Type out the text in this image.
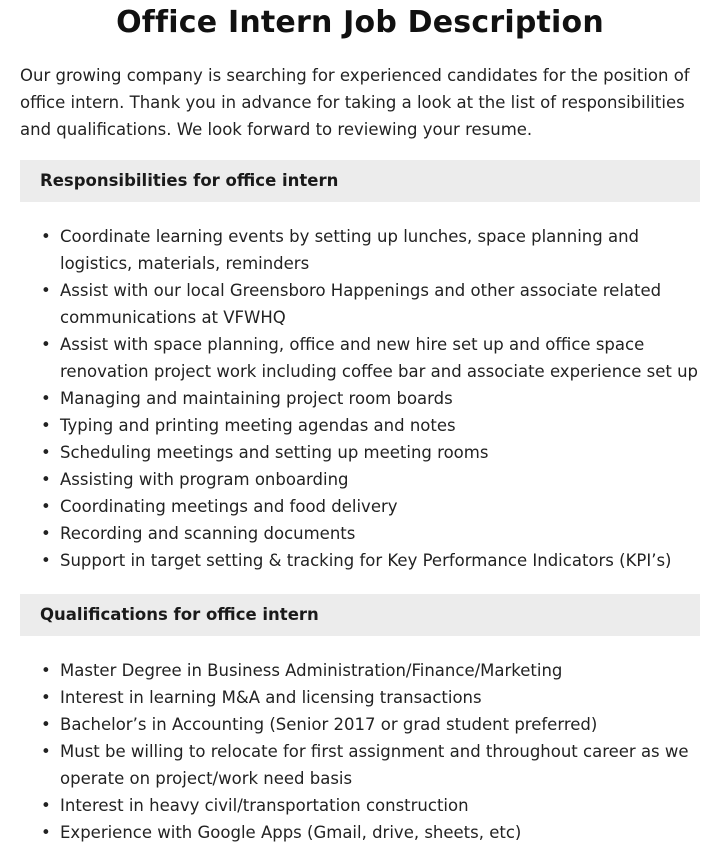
Office Intern Job Description

Our growing company is searching for experienced candidates for the position of office intern. Thank you in advance for taking a look at the list of responsibilities and qualifications. We look forward to reviewing your resume.

Responsibilities for office intern
• Coordinate learning events by setting up lunches, space planning and logistics, materials, reminders
• Assist with our local Greensboro Happenings and other associate related communications at VFWHQ
• Assist with space planning, office and new hire set up and office space renovation project work including coffee bar and associate experience set up
• Managing and maintaining project room boards
• Typing and printing meeting agendas and notes
• Scheduling meetings and setting up meeting rooms
• Assisting with program onboarding
• Coordinating meetings and food delivery
• Recording and scanning documents
• Support in target setting & tracking for Key Performance Indicators (KPI’s)
Qualifications for office intern
• Master Degree in Business Administration/Finance/Marketing
• Interest in learning M&A and licensing transactions
• Bachelor’s in Accounting (Senior 2017 or grad student preferred)
• Must be willing to relocate for first assignment and throughout career as we operate on project/work need basis
• Interest in heavy civil/transportation construction
• Experience with Google Apps (Gmail, drive, sheets, etc)
